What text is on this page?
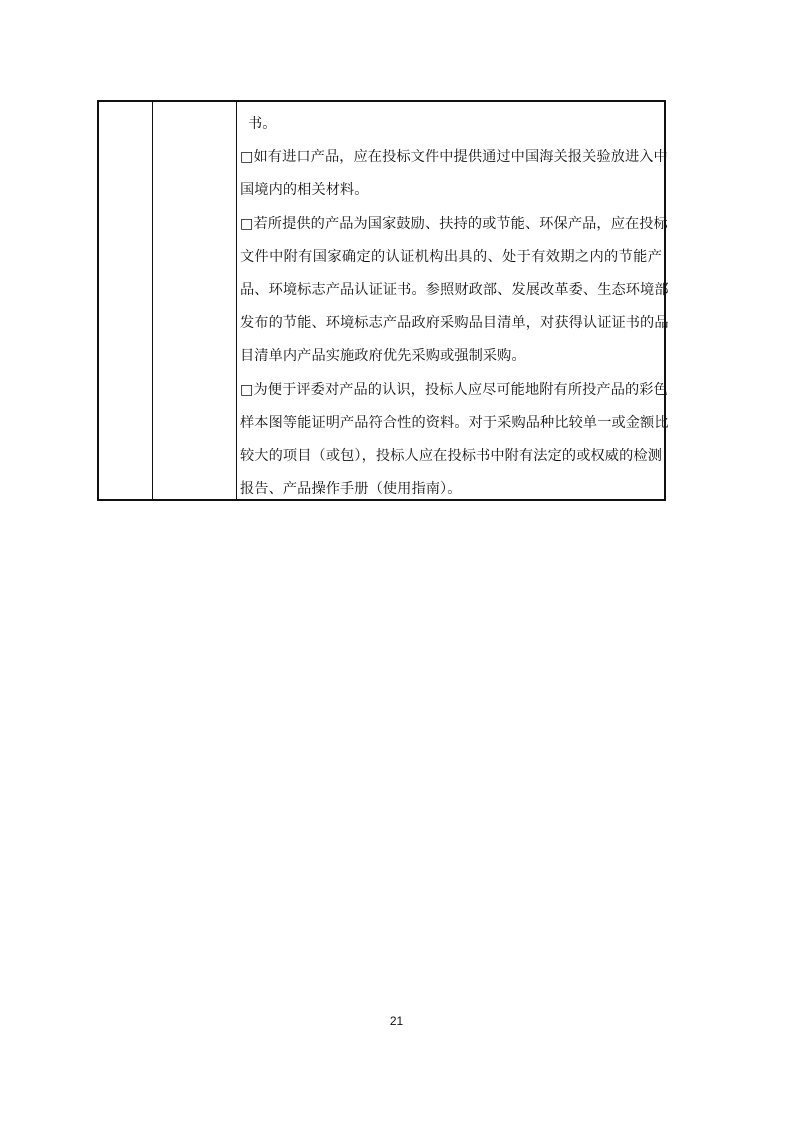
书。

□如有进口产品，应在投标文件中提供通过中国海关报关验放进入中
国境内的相关材料。

□若所提供的产品为国家鼓励、扶持的或节能、环保产品，应在投标
文件中附有国家确定的认证机构出具的、处于有效期之内的节能产
品、环境标志产品认证证书。参照财政部、发展改革委、生态环境部
发布的节能、环境标志产品政府采购品目清单，对获得认证证书的品
目清单内产品实施政府优先采购或强制采购。

□为便于评委对产品的认识，投标人应尽可能地附有所投产品的彩色
样本图等能证明产品符合性的资料。对于采购品种比较单一或金额比
较大的项目（或包），投标人应在投标书中附有法定的或权威的检测
报告、产品操作手册（使用指南）。

21
